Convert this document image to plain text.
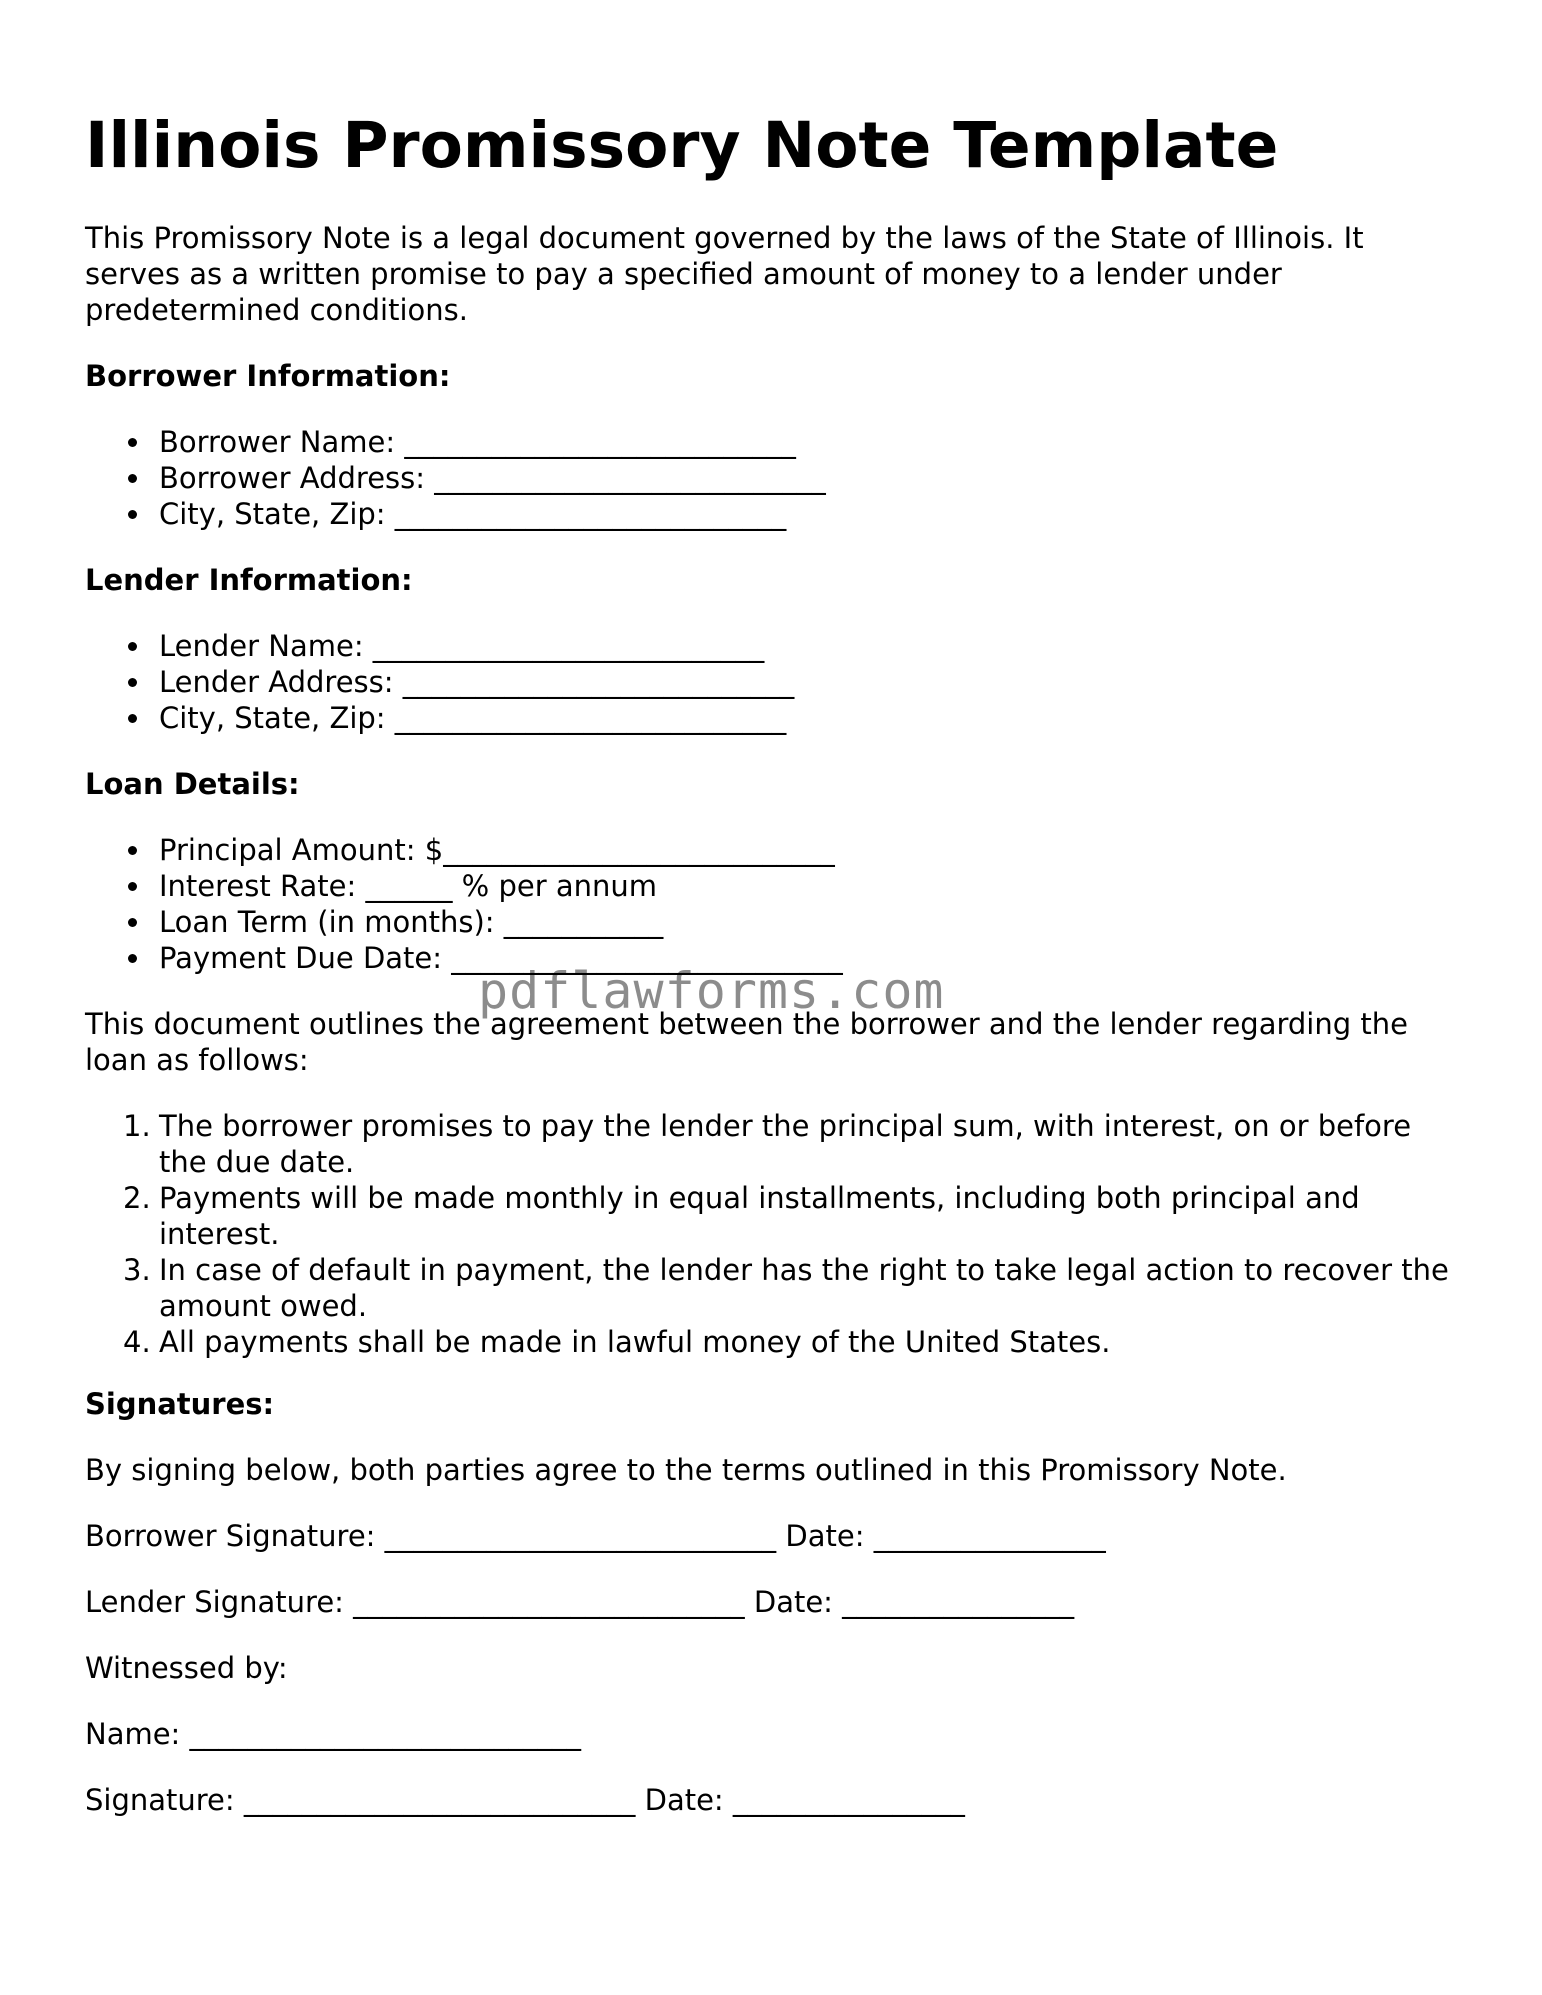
Illinois Promissory Note Template

This Promissory Note is a legal document governed by the laws of the State of Illinois. It serves as a written promise to pay a specified amount of money to a lender under predetermined conditions.

Borrower Information:

Borrower Name: ___________________________
Borrower Address: ___________________________
City, State, Zip: ___________________________

Lender Information:

Lender Name: ___________________________
Lender Address: ___________________________
City, State, Zip: ___________________________

Loan Details:

Principal Amount: $___________________________
Interest Rate: ______ % per annum
Loan Term (in months): ___________
Payment Due Date: ___________________________

This document outlines the agreement between the borrower and the lender regarding the loan as follows:

1. The borrower promises to pay the lender the principal sum, with interest, on or before the due date.
2. Payments will be made monthly in equal installments, including both principal and interest.
3. In case of default in payment, the lender has the right to take legal action to recover the amount owed.
4. All payments shall be made in lawful money of the United States.

Signatures:

By signing below, both parties agree to the terms outlined in this Promissory Note.

Borrower Signature: ___________________________ Date: ________________

Lender Signature: ___________________________ Date: ________________

Witnessed by:

Name: ___________________________

Signature: ___________________________ Date: ________________

pdflawforms.com
